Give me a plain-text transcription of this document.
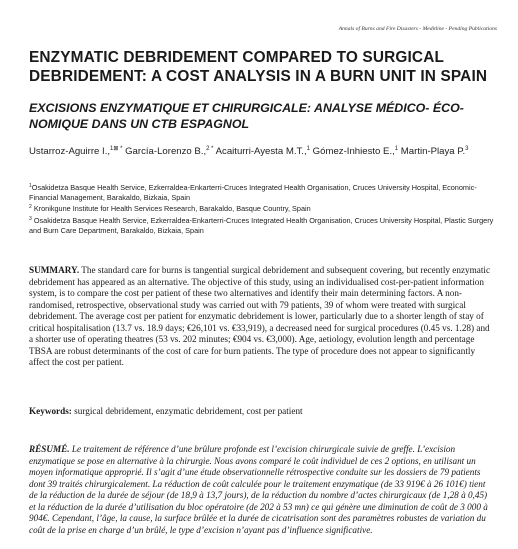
Annals of Burns and Fire Disasters - Meditline - Pending Publications
ENZYMATIC DEBRIDEMENT COMPARED TO SURGICAL DEBRIDEMENT: A COST ANALYSIS IN A BURN UNIT IN SPAIN
EXCISIONS ENZYMATIQUE ET CHIRURGICALE: ANALYSE MÉDICO- ÉCO-NOMIQUE DANS UN CTB ESPAGNOL
Ustarroz-Aguirre I.,$^{1⊠ *}$ García-Lorenzo B.,$^{2 *}$ Acaiturri-Ayesta M.T.,$^1$ Gómez-Inhiesto E.,$^1$ Martin-Playa P.$^3$
$^1$Osakidetza Basque Health Service, Ezkerraldea-Enkarterri-Cruces Integrated Health Organisation, Cruces University Hospital, Economic-Financial Management, Barakaldo, Bizkaia, Spain
$^2$ Kronikgune Institute for Health Services Research, Barakaldo, Basque Country, Spain
$^3$ Osakidetza Basque Health Service, Ezkerraldea-Enkarterri-Cruces Integrated Health Organisation, Cruces University Hospital, Plastic Surgery and Burn Care Department, Barakaldo, Bizkaia, Spain
SUMMARY. The standard care for burns is tangential surgical debridement and subsequent covering, but recently enzymatic debridement has appeared as an alternative. The objective of this study, using an individualised cost-per-patient information system, is to compare the cost per patient of these two alternatives and identify their main determining factors. A non-randomised, retrospective, observational study was carried out with 79 patients, 39 of whom were treated with surgical debridement. The average cost per patient for enzymatic debridement is lower, particularly due to a shorter length of stay of critical hospitalisation (13.7 vs. 18.9 days; €26,101 vs. €33,919), a decreased need for surgical procedures (0.45 vs. 1.28) and a shorter use of operating theatres (53 vs. 202 minutes; €904 vs. €3,000). Age, aetiology, evolution length and percentage TBSA are robust determinants of the cost of care for burn patients. The type of procedure does not appear to significantly affect the cost per patient.
Keywords: surgical debridement, enzymatic debridement, cost per patient
RÉSUMÉ. Le traitement de référence d’une brûlure profonde est l’excision chirurgicale suivie de greffe. L’excision enzymatique se pose en alternative à la chirurgie. Nous avons comparé le coût individuel de ces 2 options, en utilisant un moyen informatique approprié. Il s’agit d’une étude observationnelle rétrospective conduite sur les dossiers de 79 patients dont 39 traités chirurgicalement. La réduction de coût calculée pour le traitement enzymatique (de 33 919€ à 26 101€) tient de la réduction de la durée de séjour (de 18,9 à 13,7 jours), de la réduction du nombre d’actes chirurgicaux (de 1,28 à 0,45) et la réduction de la durée d’utilisation du bloc opératoire (de 202 à 53 mn) ce qui génère une diminution de coût de 3 000 à 904€. Cependant, l’âge, la cause, la surface brûlée et la durée de cicatrisation sont des paramètres robustes de variation du coût de la prise en charge d’un brûlé, le type d’excision n’ayant pas d’influence significative.
